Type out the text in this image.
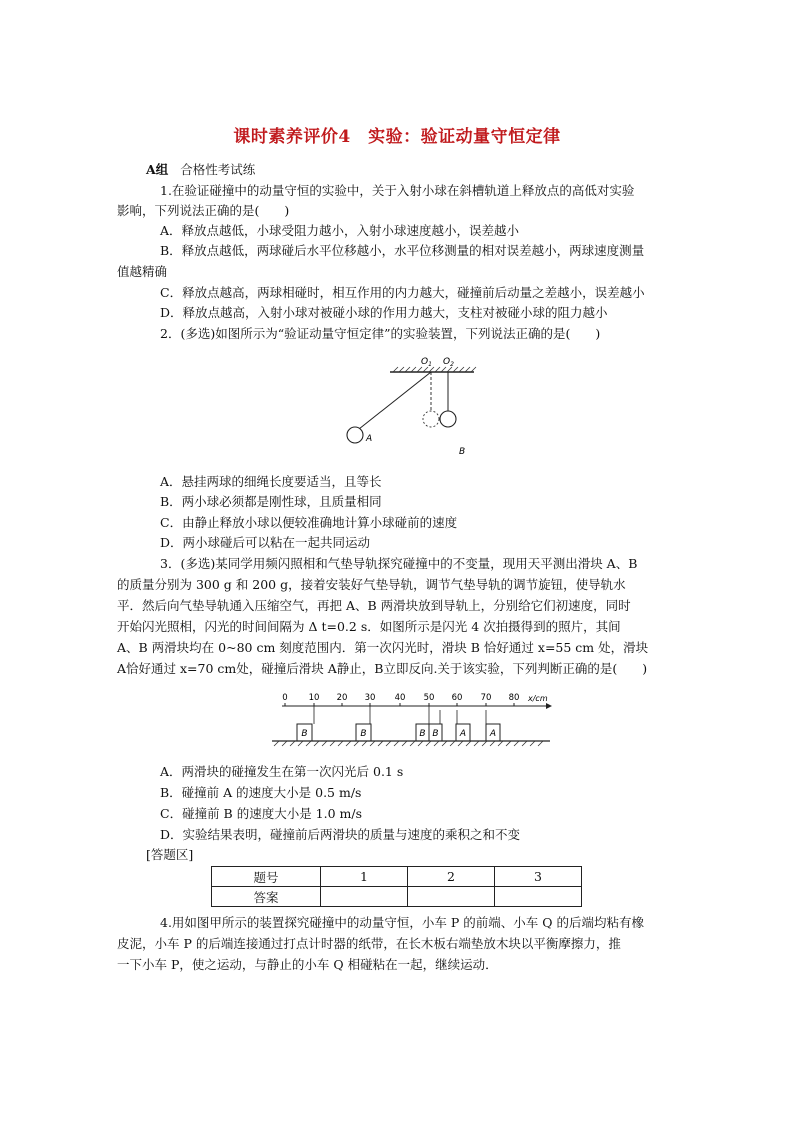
课时素养评价4　实验：验证动量守恒定律
A组 合格性考试练
1.在验证碰撞中的动量守恒的实验中，关于入射小球在斜槽轨道上释放点的高低对实验
影响，下列说法正确的是(　　)
A．释放点越低，小球受阻力越小，入射小球速度越小，误差越小
B．释放点越低，两球碰后水平位移越小，水平位移测量的相对误差越小，两球速度测量
值越精确
C．释放点越高，两球相碰时，相互作用的内力越大，碰撞前后动量之差越小，误差越小
D．释放点越高，入射小球对被碰小球的作用力越大，支柱对被碰小球的阻力越小
2．(多选)如图所示为“验证动量守恒定律”的实验装置，下列说法正确的是(　　)
$O_1$ $O_2$
A
B
A．悬挂两球的细绳长度要适当，且等长
B．两小球必须都是刚性球，且质量相同
C．由静止释放小球以便较准确地计算小球碰前的速度
D．两小球碰后可以粘在一起共同运动
3．(多选)某同学用频闪照相和气垫导轨探究碰撞中的不变量，现用天平测出滑块 A、B
的质量分别为 300 g 和 200 g，接着安装好气垫导轨，调节气垫导轨的调节旋钮，使导轨水
平．然后向气垫导轨通入压缩空气，再把 A、B 两滑块放到导轨上，分别给它们初速度，同时
开始闪光照相，闪光的时间间隔为 Δ t=0.2 s．如图所示是闪光 4 次拍摄得到的照片，其间
A、B 两滑块均在 0~80 cm 刻度范围内．第一次闪光时，滑块 B 恰好通过 x=55 cm 处，滑块
A恰好通过 x=70 cm处，碰撞后滑块 A静止，B立即反向.关于该实验，下列判断正确的是(　　)
0 10 20 30 40 50 60 70 80 x/cm
B	B	B B A	A
A．两滑块的碰撞发生在第一次闪光后 0.1 s
B．碰撞前 A 的速度大小是 0.5 m/s
C．碰撞前 B 的速度大小是 1.0 m/s
D．实验结果表明，碰撞前后两滑块的质量与速度的乘积之和不变
[答题区]
题号	1	2	3
答案			
4.用如图甲所示的装置探究碰撞中的动量守恒，小车 P 的前端、小车 Q 的后端均粘有橡
皮泥，小车 P 的后端连接通过打点计时器的纸带，在长木板右端垫放木块以平衡摩擦力，推
一下小车 P，使之运动，与静止的小车 Q 相碰粘在一起，继续运动．
